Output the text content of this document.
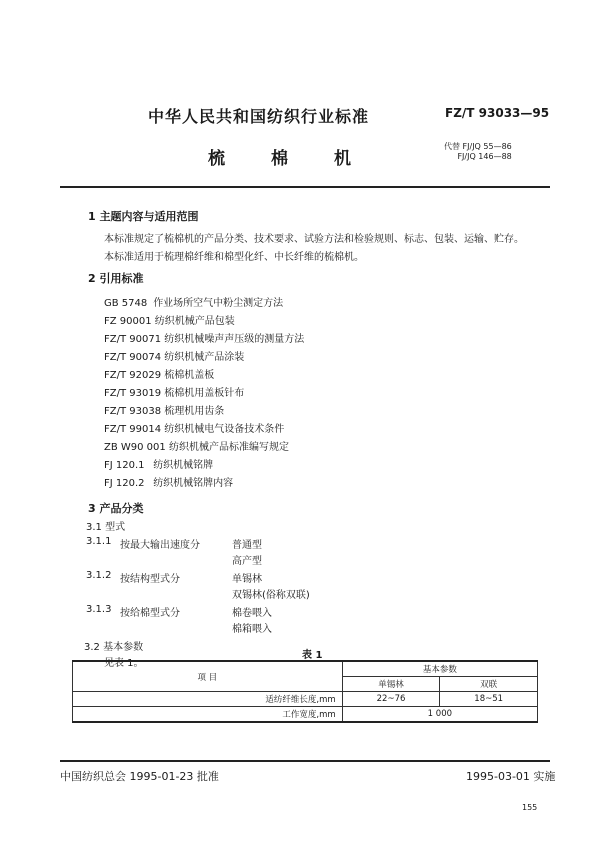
中华人民共和国纺织行业标准	FZ/T 93033—95
梳	棉	机
代替 FJ/JQ 55—86
FJ/JQ 146—88
1 主题内容与适用范围
本标准规定了梳棉机的产品分类、技术要求、试验方法和检验规则、标志、包装、运输、贮存。
本标准适用于梳理棉纤维和棉型化纤、中长纤维的梳棉机。
2 引用标准
GB 5748 作业场所空气中粉尘测定方法
FZ 90001 纺织机械产品包装
FZ/T 90071 纺织机械噪声声压级的测量方法
FZ/T 90074 纺织机械产品涂装
FZ/T 92029 梳棉机盖板
FZ/T 93019 梳棉机用盖板针布
FZ/T 93038 梳理机用齿条
FZ/T 99014 纺织机械电气设备技术条件
ZB W90 001 纺织机械产品标准编写规定
FJ 120.1 纺织机械铭牌
FJ 120.2 纺织机械铭牌内容
3 产品分类
3.1 型式
3.1.1 按最大输出速度分	普通型
高产型
3.1.2 按结构型式分	单锡林
双锡林(俗称双联)
3.1.3 按给棉型式分	棉卷喂入
棉箱喂入
3.2 基本参数
见表 1。
表 1
项 目	基本参数	
	单锡林	双联
适纺纤维长度,mm	22~76	18~51
工作宽度,mm	1 000	
中国纺织总会 1995-01-23 批准	1995-03-01 实施
155
